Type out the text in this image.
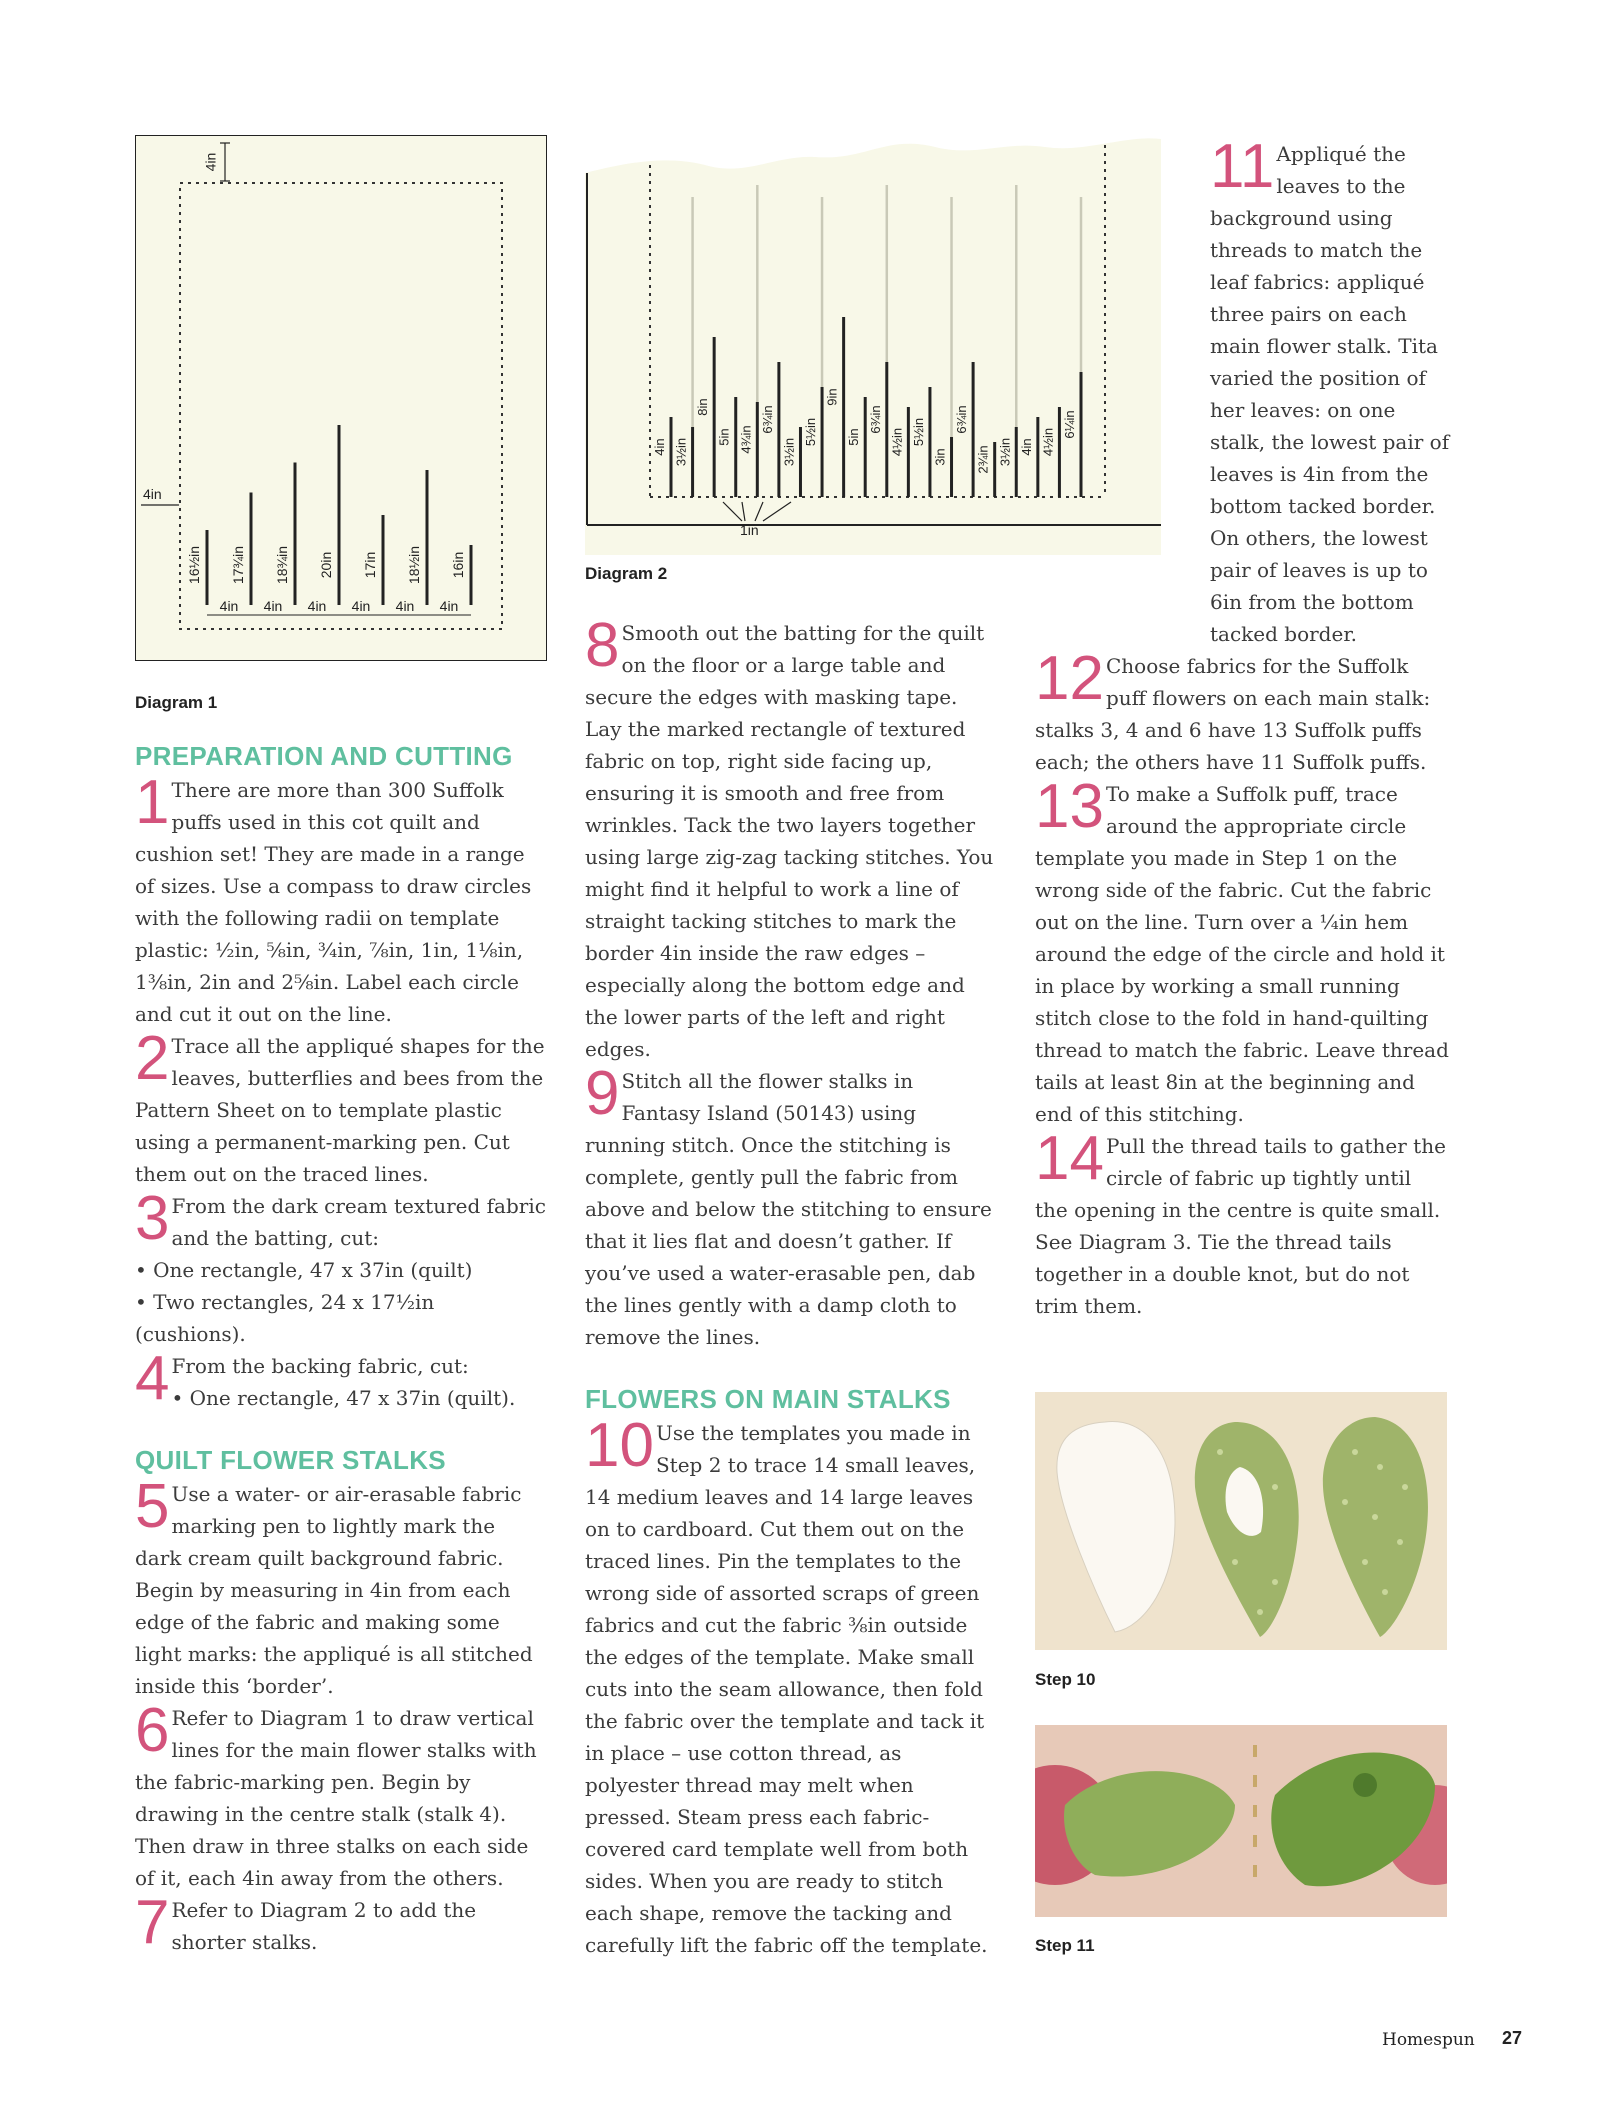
16½in 17¾in 18¾in 20in 17in 18½in 16in
4in 4in 4in 4in 4in 4in
4in
4in
Diagram 1
4in 3½in
8in
5in 4¾in
6¾in
3½in
5½in
9in
5in
6¾in
4½in 5½in
3in
6¾in
2¾in 3½in 4in 4½in
6¼in
1in
Diagram 2

PREPARATION AND CUTTING

1 There are more than 300 Suffolk puffs used in this cot quilt and cushion set! They are made in a range of sizes. Use a compass to draw circles with the following radii on template plastic: ½in, ⅝in, ¾in, ⅞in, 1in, 1⅛in, 1⅜in, 2in and 2⅝in. Label each circle and cut it out on the line.

2 Trace all the appliqué shapes for the leaves, butterflies and bees from the Pattern Sheet on to template plastic using a permanent-marking pen. Cut them out on the traced lines.

3 From the dark cream textured fabric and the batting, cut:
• One rectangle, 47 x 37in (quilt)
• Two rectangles, 24 x 17½in (cushions).

4 From the backing fabric, cut:
• One rectangle, 47 x 37in (quilt).

QUILT FLOWER STALKS

5 Use a water- or air-erasable fabric marking pen to lightly mark the dark cream quilt background fabric. Begin by measuring in 4in from each edge of the fabric and making some light marks: the appliqué is all stitched inside this ‘border’.

6 Refer to Diagram 1 to draw vertical lines for the main flower stalks with the fabric-marking pen. Begin by drawing in the centre stalk (stalk 4). Then draw in three stalks on each side of it, each 4in away from the others.

7 Refer to Diagram 2 to add the shorter stalks.

8 Smooth out the batting for the quilt on the floor or a large table and secure the edges with masking tape. Lay the marked rectangle of textured fabric on top, right side facing up, ensuring it is smooth and free from wrinkles. Tack the two layers together using large zig-zag tacking stitches. You might find it helpful to work a line of straight tacking stitches to mark the border 4in inside the raw edges – especially along the bottom edge and the lower parts of the left and right edges.

9 Stitch all the flower stalks in Fantasy Island (50143) using running stitch. Once the stitching is complete, gently pull the fabric from above and below the stitching to ensure that it lies flat and doesn’t gather. If you’ve used a water-erasable pen, dab the lines gently with a damp cloth to remove the lines.

FLOWERS ON MAIN STALKS

10 Use the templates you made in Step 2 to trace 14 small leaves, 14 medium leaves and 14 large leaves on to cardboard. Cut them out on the traced lines. Pin the templates to the wrong side of assorted scraps of green fabrics and cut the fabric ⅜in outside the edges of the template. Make small cuts into the seam allowance, then fold the fabric over the template and tack it in place – use cotton thread, as polyester thread may melt when pressed. Steam press each fabric-covered card template well from both sides. When you are ready to stitch each shape, remove the tacking and carefully lift the fabric off the template.

11 Appliqué the leaves to the background using threads to match the leaf fabrics: appliqué three pairs on each main flower stalk. Tita varied the position of her leaves: on one stalk, the lowest pair of leaves is 4in from the bottom tacked border. On others, the lowest pair of leaves is up to 6in from the bottom tacked border.

12 Choose fabrics for the Suffolk puff flowers on each main stalk: stalks 3, 4 and 6 have 13 Suffolk puffs each; the others have 11 Suffolk puffs.

13 To make a Suffolk puff, trace around the appropriate circle template you made in Step 1 on the wrong side of the fabric. Cut the fabric out on the line. Turn over a ¼in hem around the edge of the circle and hold it in place by working a small running stitch close to the fold in hand-quilting thread to match the fabric. Leave thread tails at least 8in at the beginning and end of this stitching.

14 Pull the thread tails to gather the circle of fabric up tightly until the opening in the centre is quite small. See Diagram 3. Tie the thread tails together in a double knot, but do not trim them.

Step 10
Step 11
Homespun 27
